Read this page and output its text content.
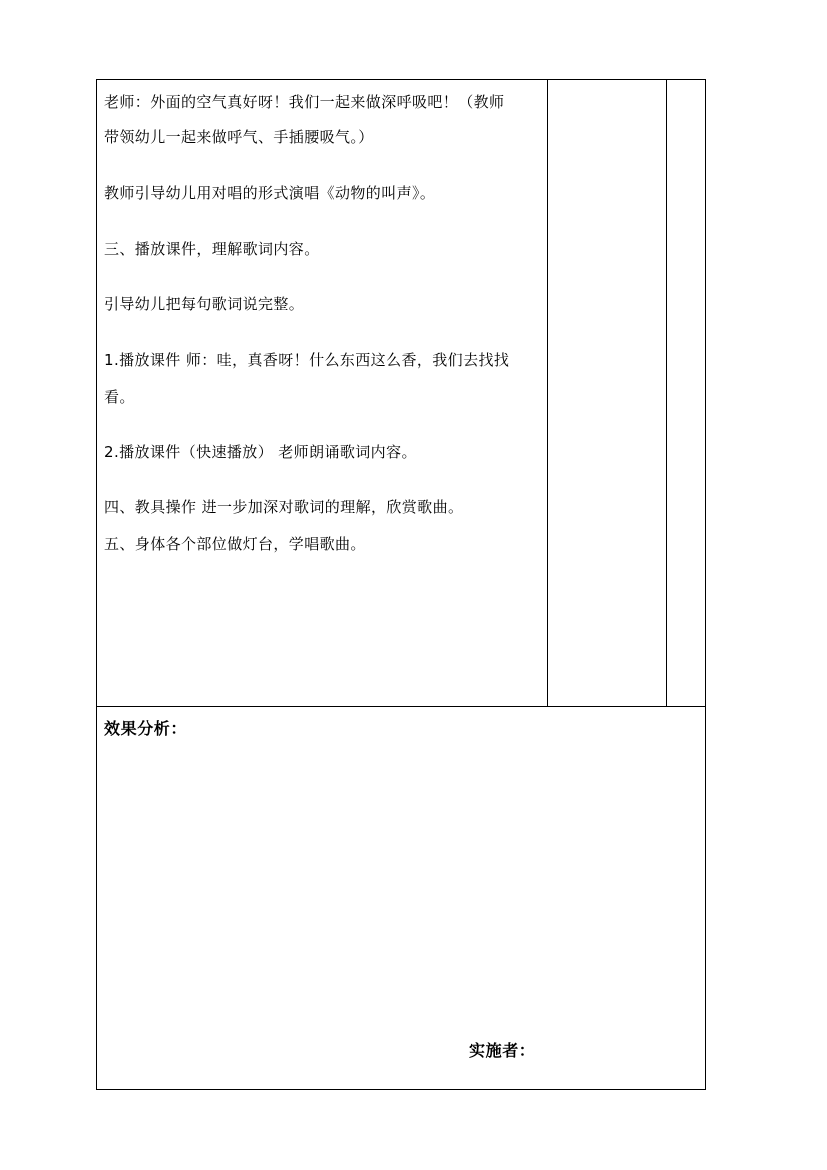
老师：外面的空气真好呀！我们一起来做深呼吸吧！（教师
带领幼儿一起来做呼气、手插腰吸气。）
教师引导幼儿用对唱的形式演唱《动物的叫声》。
三、播放课件，理解歌词内容。
引导幼儿把每句歌词说完整。
1.播放课件 师：哇，真香呀！什么东西这么香，我们去找找
看。
2.播放课件（快速播放） 老师朗诵歌词内容。
四、教具操作 进一步加深对歌词的理解，欣赏歌曲。
五、身体各个部位做灯台，学唱歌曲。
效果分析：
实施者：
